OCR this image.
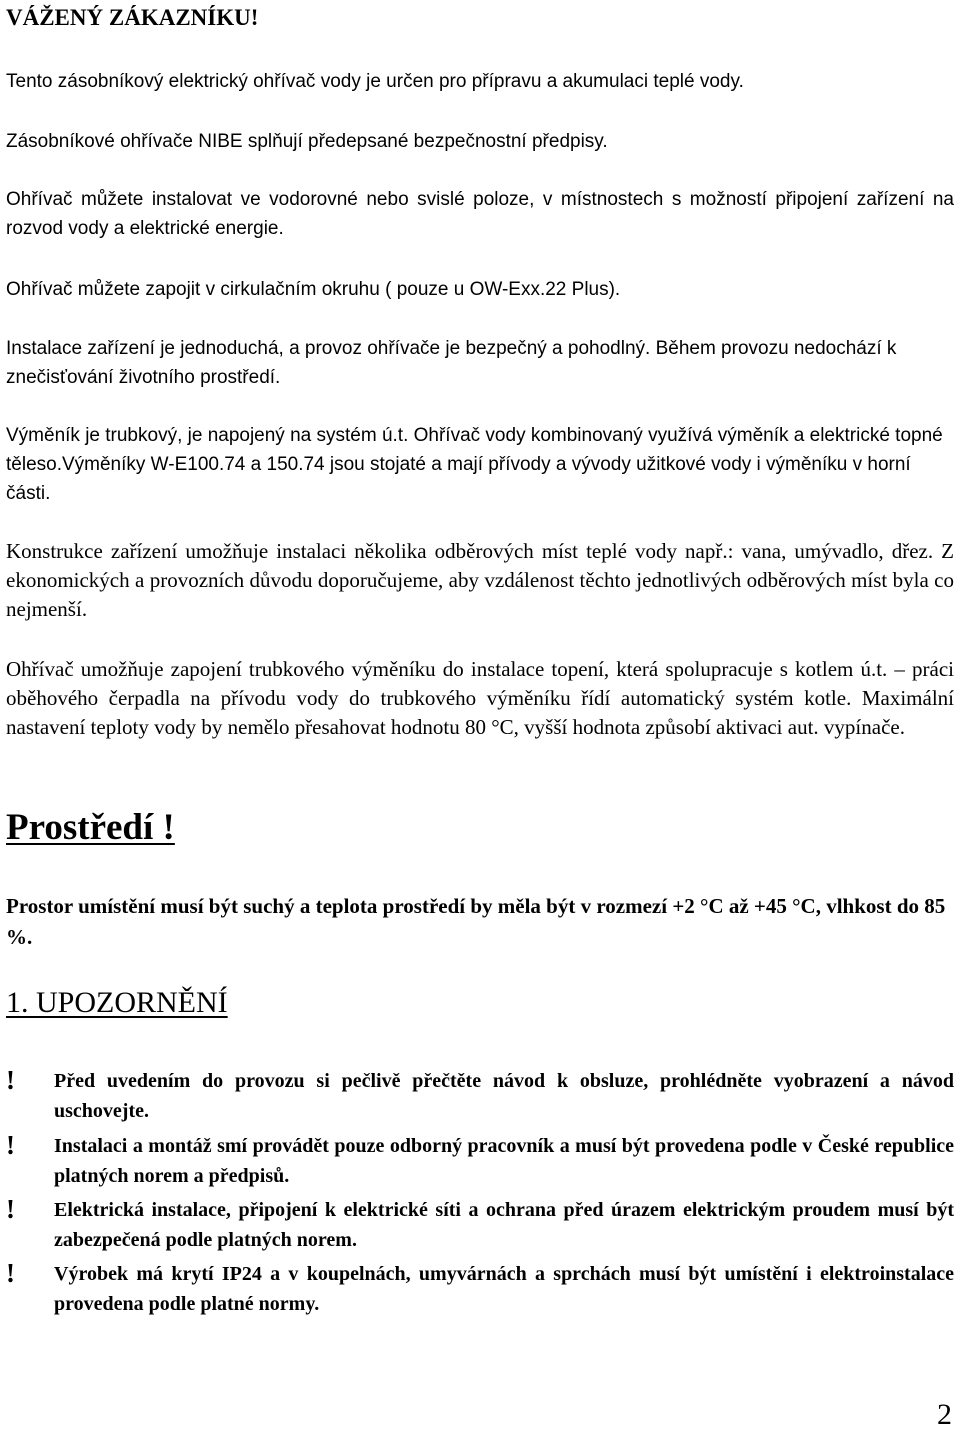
VÁŽENÝ ZÁKAZNÍKU!

Tento zásobníkový elektrický ohřívač vody je určen pro přípravu a akumulaci teplé vody.

Zásobníkové ohřívače NIBE splňují předepsané bezpečnostní předpisy.

Ohřívač můžete instalovat ve vodorovné nebo svislé poloze, v místnostech s možností připojení zařízení na rozvod vody a elektrické energie.

Ohřívač můžete zapojit v cirkulačním okruhu ( pouze u OW-Exx.22 Plus).

Instalace zařízení je jednoduchá, a provoz ohřívače je bezpečný a pohodlný. Během provozu nedochází k znečisťování životního prostředí.

Výměník je trubkový, je napojený na systém ú.t. Ohřívač vody kombinovaný využívá výměník a elektrické topné těleso.Výměníky W-E100.74 a 150.74 jsou stojaté a mají přívody a vývody užitkové vody i výměníku v horní části.

Konstrukce zařízení umožňuje instalaci několika odběrových míst teplé vody např.: vana, umývadlo, dřez. Z ekonomických a provozních důvodu doporučujeme, aby vzdálenost těchto jednotlivých odběrových míst byla co nejmenší.

Ohřívač umožňuje zapojení trubkového výměníku do instalace topení, která spolupracuje s kotlem ú.t. – práci oběhového čerpadla na přívodu vody do trubkového výměníku řídí automatický systém kotle. Maximální nastavení teploty vody by nemělo přesahovat hodnotu 80 °C, vyšší hodnota způsobí aktivaci aut. vypínače.

Prostředí !

Prostor umístění musí být suchý a teplota prostředí by měla být v rozmezí +2 °C až +45 °C, vlhkost do 85 %.

1. UPOZORNĚNÍ
!	Před uvedením do provozu si pečlivě přečtěte návod k obsluze, prohlédněte vyobrazení a návod uschovejte.
!	Instalaci a montáž smí provádět pouze odborný pracovník a musí být provedena podle v České republice platných norem a předpisů.
!	Elektrická instalace, připojení k elektrické síti a ochrana před úrazem elektrickým proudem musí být zabezpečená podle platných norem.
!	Výrobek má krytí IP24 a v koupelnách, umyvárnách a sprchách musí být umístění i elektroinstalace provedena podle platné normy.
2
